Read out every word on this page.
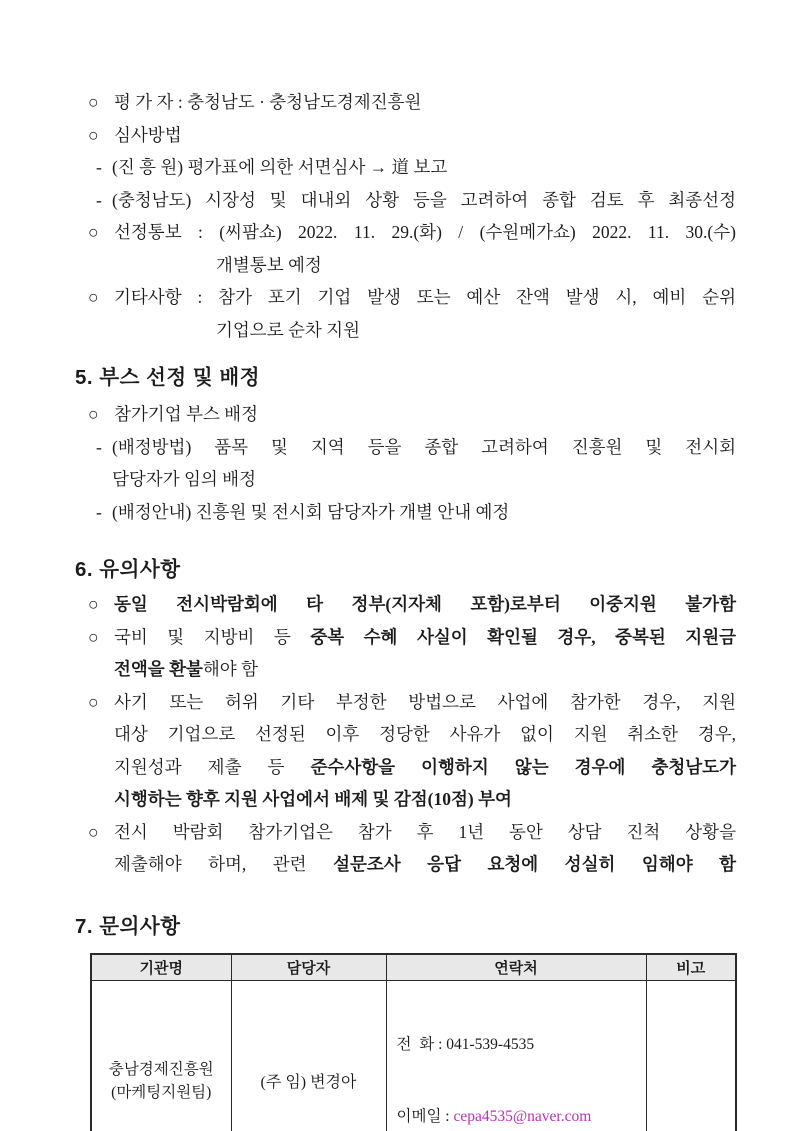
○ 평 가 자 : 충청남도 · 충청남도경제진흥원
○ 심사방법
- (진 흥 원) 평가표에 의한 서면심사 → 道 보고
- (충청남도) 시장성 및 대내외 상황 등을 고려하여 종합 검토 후 최종선정
○ 선정통보 : (씨팜쇼) 2022. 11. 29.(화) / (수원메가쇼) 2022. 11. 30.(수)
개별통보 예정
○ 기타사항 : 참가 포기 기업 발생 또는 예산 잔액 발생 시, 예비 순위
기업으로 순차 지원
5. 부스 선정 및 배정
○ 참가기업 부스 배정
- (배정방법) 품목 및 지역 등을 종합 고려하여 진흥원 및 전시회
담당자가 임의 배정
- (배정안내) 진흥원 및 전시회 담당자가 개별 안내 예정
6. 유의사항
○ 동일 전시박람회에 타 정부(지자체 포함)로부터 이중지원 불가함
○ 국비 및 지방비 등 중복 수혜 사실이 확인될 경우, 중복된 지원금
전액을 환불해야 함
○ 사기 또는 허위 기타 부정한 방법으로 사업에 참가한 경우, 지원
대상 기업으로 선정된 이후 정당한 사유가 없이 지원 취소한 경우,
지원성과 제출 등 준수사항을 이행하지 않는 경우에 충청남도가
시행하는 향후 지원 사업에서 배제 및 감점(10점) 부여
○ 전시 박람회 참가기업은 참가 후 1년 동안 상담 진척 상황을
제출해야 하며, 관련 설문조사 응답 요청에 성실히 임해야 함
7. 문의사항
기관명	담당자	연락처	비고

충남경제진흥원
(마케팅지원팀)
	(주 임) 변경아	

전  화 : 041-539-4535

이메일 : cepa4535@naver.com
